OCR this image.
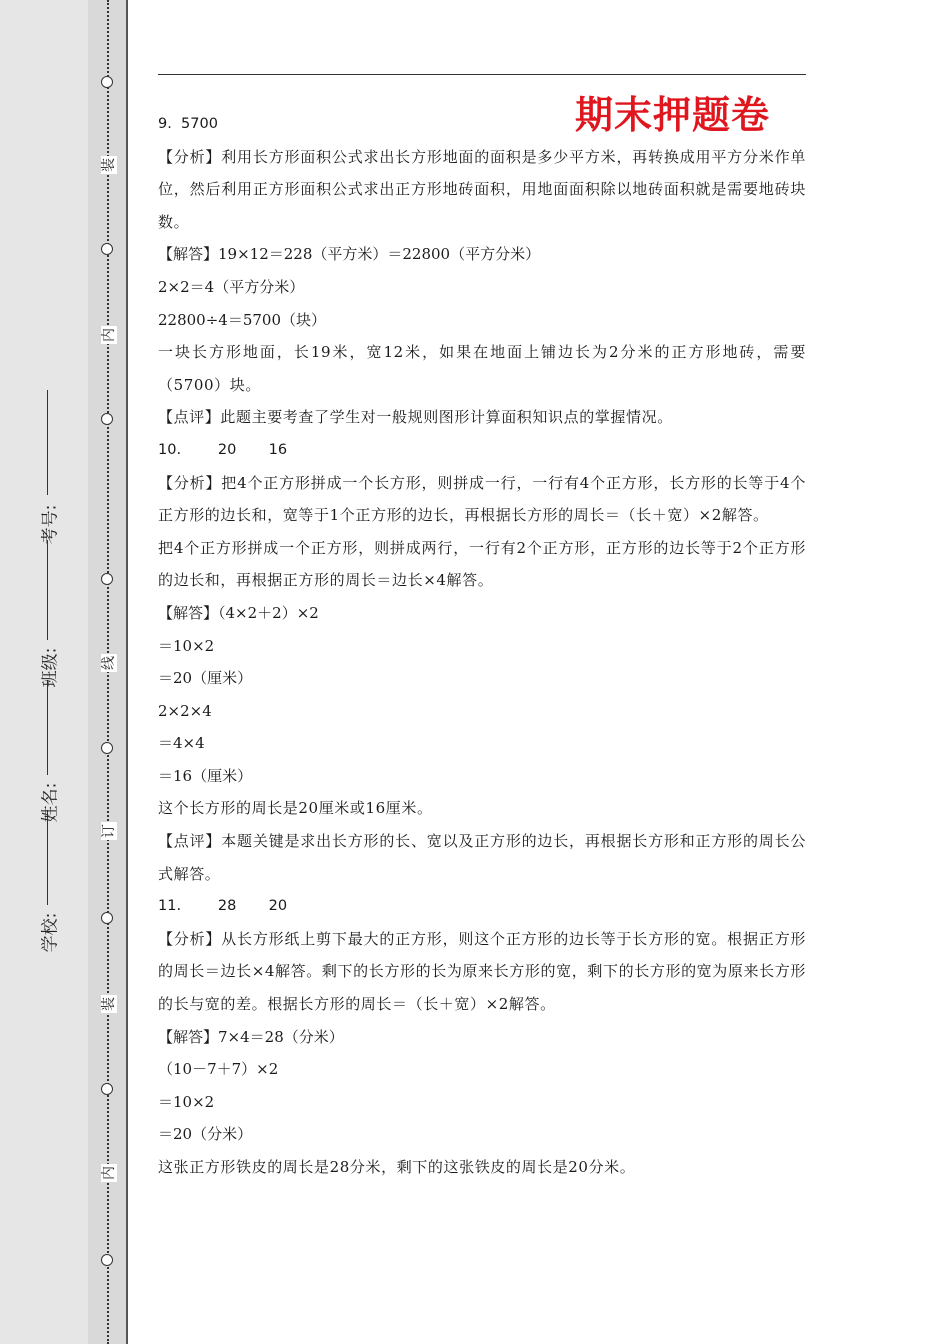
装
内
线
订
装
内
学校:
姓名:
班级:
考号:
期末押题卷
9.  5700
【分析】利用长方形面积公式求出长方形地面的面积是多少平方米，再转换成用平方分米作单位，然后利用正方形面积公式求出正方形地砖面积，用地面面积除以地砖面积就是需要地砖块数。
【解答】19×12＝228（平方米）＝22800（平方分米）
2×2＝4（平方分米）
22800÷4＝5700（块）
一块长方形地面，长19米，宽12米，如果在地面上铺边长为2分米的正方形地砖，需要（5700）块。
【点评】此题主要考查了学生对一般规则图形计算面积知识点的掌握情况。
10.        20       16
【分析】把4个正方形拼成一个长方形，则拼成一行，一行有4个正方形，长方形的长等于4个正方形的边长和，宽等于1个正方形的边长，再根据长方形的周长＝（长＋宽）×2解答。
把4个正方形拼成一个正方形，则拼成两行，一行有2个正方形，正方形的边长等于2个正方形的边长和，再根据正方形的周长＝边长×4解答。
【解答】（4×2＋2）×2
＝10×2
＝20（厘米）
2×2×4
＝4×4
＝16（厘米）
这个长方形的周长是20厘米或16厘米。
【点评】本题关键是求出长方形的长、宽以及正方形的边长，再根据长方形和正方形的周长公式解答。
11.        28       20
【分析】从长方形纸上剪下最大的正方形，则这个正方形的边长等于长方形的宽。根据正方形的周长＝边长×4解答。剩下的长方形的长为原来长方形的宽，剩下的长方形的宽为原来长方形的长与宽的差。根据长方形的周长＝（长＋宽）×2解答。
【解答】7×4＝28（分米）
（10－7＋7）×2
＝10×2
＝20（分米）
这张正方形铁皮的周长是28分米，剩下的这张铁皮的周长是20分米。
